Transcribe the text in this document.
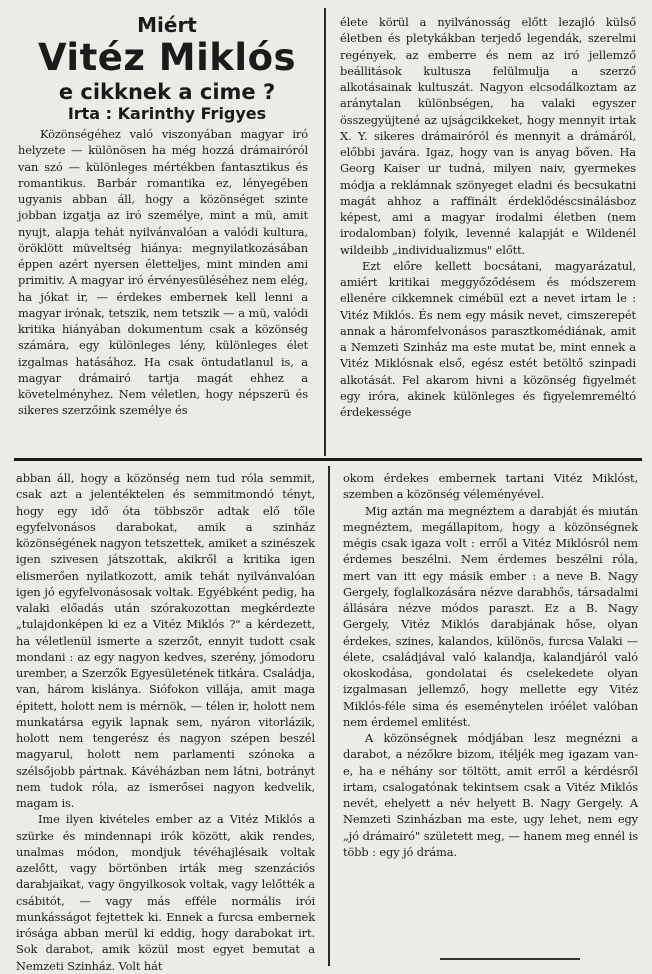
Miért
Vitéz Miklós
e cikknek a cime ?
Irta : Karinthy Frigyes

Közönségéhez való viszonyában magyar iró helyzete — különösen ha még hozzá drámairóról van szó — különleges mértékben fantasztikus és romantikus. Barbár romantika ez, lényegében ugyanis abban áll, hogy a közönséget szinte jobban izgatja az iró személye, mint a mü, amit nyujt, alapja tehát nyilvánvalóan a valódi kultura, öröklött müveltség hiánya: megnyilatkozásában éppen azért nyersen életteljes, mint minden ami primitiv. A magyar iró érvényesüléséhez nem elég, ha jókat ir, — érdekes embernek kell lenni a magyar irónak, tetszik, nem tetszik — a mü, valódi kritika hiányában dokumentum csak a közönség számára, egy különleges lény, különleges élet izgalmas hatásához. Ha csak öntudatlanul is, a magyar drámairó tartja magát ehhez a követelményhez. Nem véletlen, hogy népszerü és sikeres szerzőink személye és

élete körül a nyilvánosság előtt lezajló külső életben és pletykákban terjedő legendák, szerelmi regények, az emberre és nem az iró jellemző beállitások kultusza felülmulja a szerző alkotásainak kultuszát. Nagyon elcsodálkoztam az aránytalan különbségen, ha valaki egyszer összegyüjtené az ujságcikkeket, hogy mennyit irtak X. Y. sikeres drámairóról és mennyit a drámáról, előbbi javára. Igaz, hogy van is anyag bőven. Ha Georg Kaiser ur tudná, milyen naiv, gyermekes módja a reklámnak szönyeget eladni és becsukatni magát ahhoz a raffinált érdeklődéscsinálásboz képest, ami a magyar irodalmi életben (nem irodalomban) folyik, levenné kalapját e Wildenél wildeibb „individualizmus" előtt.

Ezt előre kellett bocsátani, magyarázatul, amiért kritikai meggyőződésem és módszerem ellenére cikkemnek cimébül ezt a nevet irtam le : Vitéz Miklós. És nem egy másik nevet, cimszerepét annak a háromfelvonásos parasztkomédiának, amit a Nemzeti Szinház ma este mutat be, mint ennek a Vitéz Miklósnak első, egész estét betöltő szinpadi alkotását. Fel akarom hivni a közönség figyelmét egy iróra, akinek különleges és figyelemreméltó érdekessége

abban áll, hogy a közönség nem tud róla semmit, csak azt a jelentéktelen és semmitmondó tényt, hogy egy idő óta többször adtak elő tőle egyfelvonásos darabokat, amik a szinház közönségének nagyon tetszettek, amiket a szinészek igen szivesen játszottak, akikről a kritika igen elismerően nyilatkozott, amik tehát nyilvánvalóan igen jó egyfelvonásosak voltak. Egyébként pedig, ha valaki előadás után szórakozottan megkérdezte „tulajdonképen ki ez a Vitéz Miklós ?" a kérdezett, ha véletlenül ismerte a szerzőt, ennyit tudott csak mondani : az egy nagyon kedves, szerény, jómodoru urember, a Szerzők Egyesületének titkára. Családja, van, három kislánya. Siófokon villája, amit maga épitett, holott nem is mérnök, — télen ir, holott nem munkatársa egyik lapnak sem, nyáron vitorlázik, holott nem tengerész és nagyon szépen beszél magyarul, holott nem parlamenti szónoka a szélsőjobb pártnak. Kávéházban nem látni, botrányt nem tudok róla, az ismerősei nagyon kedvelik, magam is.

Ime ilyen kivételes ember az a Vitéz Miklós a szürke és mindennapi irók között, akik rendes, unalmas módon, mondjuk tévéhajlésaik voltak azelőtt, vagy börtönben irták meg szenzációs darabjaikat, vagy öngyilkosok voltak, vagy lelőtték a csábitót, — vagy más efféle normális irói munkásságot fejtettek ki. Ennek a furcsa embernek irósága abban merül ki eddig, hogy darabokat irt. Sok darabot, amik közül most egyet bemutat a Nemzeti Szinház. Volt hát

okom érdekes embernek tartani Vitéz Miklóst, szemben a közönség véleményével.

Mig aztán ma megnéztem a darabját és miután megnéztem, megállapitom, hogy a közönségnek mégis csak igaza volt : erről a Vitéz Miklósról nem érdemes beszélni. Nem érdemes beszélni róla, mert van itt egy másik ember : a neve B. Nagy Gergely, foglalkozására nézve darabhős, társadalmi állására nézve módos paraszt. Ez a B. Nagy Gergely, Vitéz Miklós darabjának hőse, olyan érdekes, szines, kalandos, különös, furcsa Valaki — élete, családjával való kalandja, kalandjáról való okoskodása, gondolatai és cselekedete olyan izgalmasan jellemző, hogy mellette egy Vitéz Miklós-féle sima és eseménytelen iróélet valóban nem érdemel emlitést.

A közönségnek módjában lesz megnézni a darabot, a nézőkre bizom, itéljék meg igazam van-e, ha e néhány sor töltött, amit erről a kérdésről irtam, csalogatónak tekintsem csak a Vitéz Miklós nevét, ehelyett a név helyett B. Nagy Gergely. A Nemzeti Szinházban ma este, ugy lehet, nem egy „jó drámairó" született meg, — hanem meg ennél is több : egy jó dráma.
